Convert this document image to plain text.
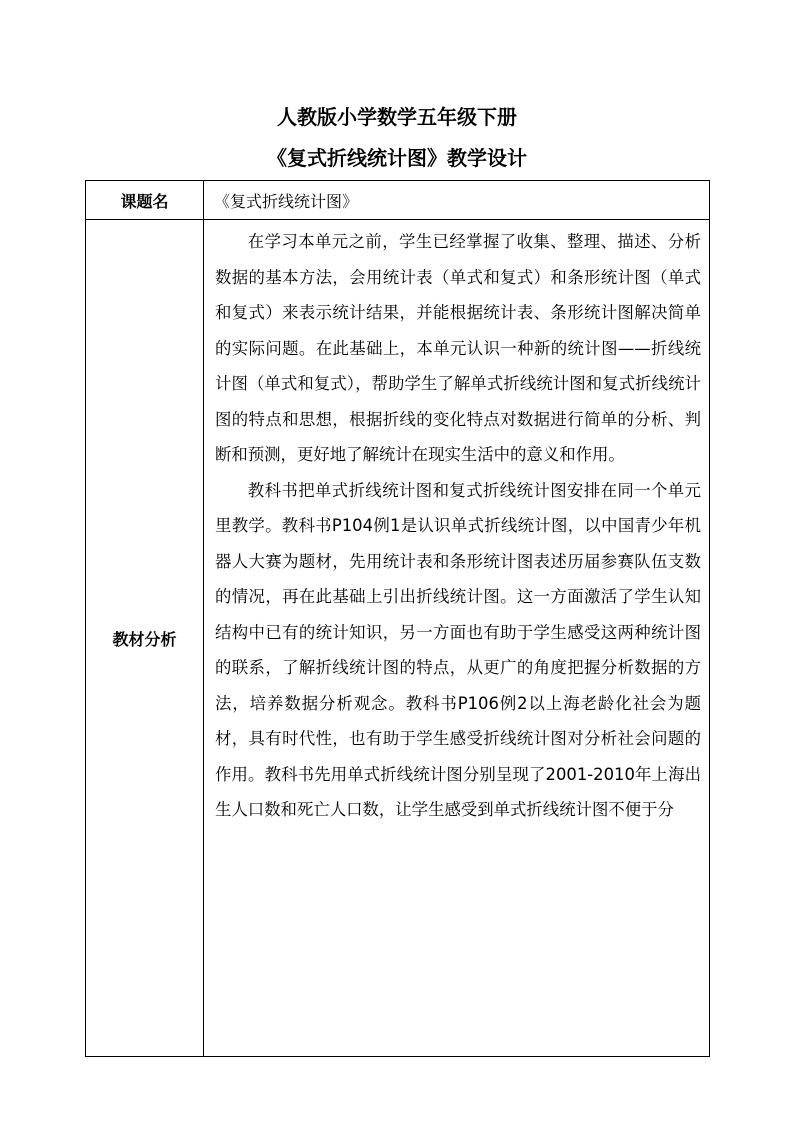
人教版小学数学五年级下册
《复式折线统计图》教学设计
课题名	《复式折线统计图》
教材分析	在学习本单元之前，学生已经掌握了收集、整理、描述、分析数据的基本方法，会用统计表（单式和复式）和条形统计图（单式和复式）来表示统计结果，并能根据统计表、条形统计图解决简单的实际问题。在此基础上，本单元认识一种新的统计图——折线统计图（单式和复式），帮助学生了解单式折线统计图和复式折线统计图的特点和思想，根据折线的变化特点对数据进行简单的分析、判断和预测，更好地了解统计在现实生活中的意义和作用。

教科书把单式折线统计图和复式折线统计图安排在同一个单元里教学。教科书P104例1是认识单式折线统计图，以中国青少年机器人大赛为题材，先用统计表和条形统计图表述历届参赛队伍支数的情况，再在此基础上引出折线统计图。这一方面激活了学生认知结构中已有的统计知识，另一方面也有助于学生感受这两种统计图的联系，了解折线统计图的特点，从更广的角度把握分析数据的方法，培养数据分析观念。教科书P106例2以上海老龄化社会为题材，具有时代性，也有助于学生感受折线统计图对分析社会问题的作用。教科书先用单式折线统计图分别呈现了2001-2010年上海出生人口数和死亡人口数，让学生感受到单式折线统计图不便于分
